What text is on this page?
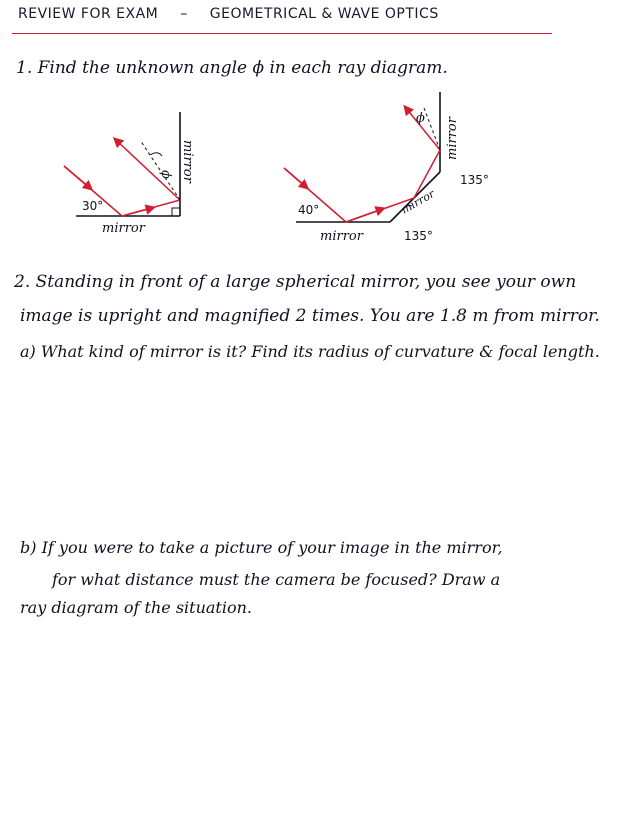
REVIEW FOR EXAM – GEOMETRICAL & WAVE OPTICS
1. Find the unknown angle ϕ in each ray diagram.
30°
mirror
mirror
ϕ
40°
mirror
mirror
mirror
135°
135°
ϕ
2. Standing in front of a large spherical mirror, you see your own
image is upright and magnified 2 times. You are 1.8 m from mirror.
a) What kind of mirror is it? Find its radius of curvature & focal length.
b) If you were to take a picture of your image in the mirror,
for what distance must the camera be focused? Draw a
ray diagram of the situation.
